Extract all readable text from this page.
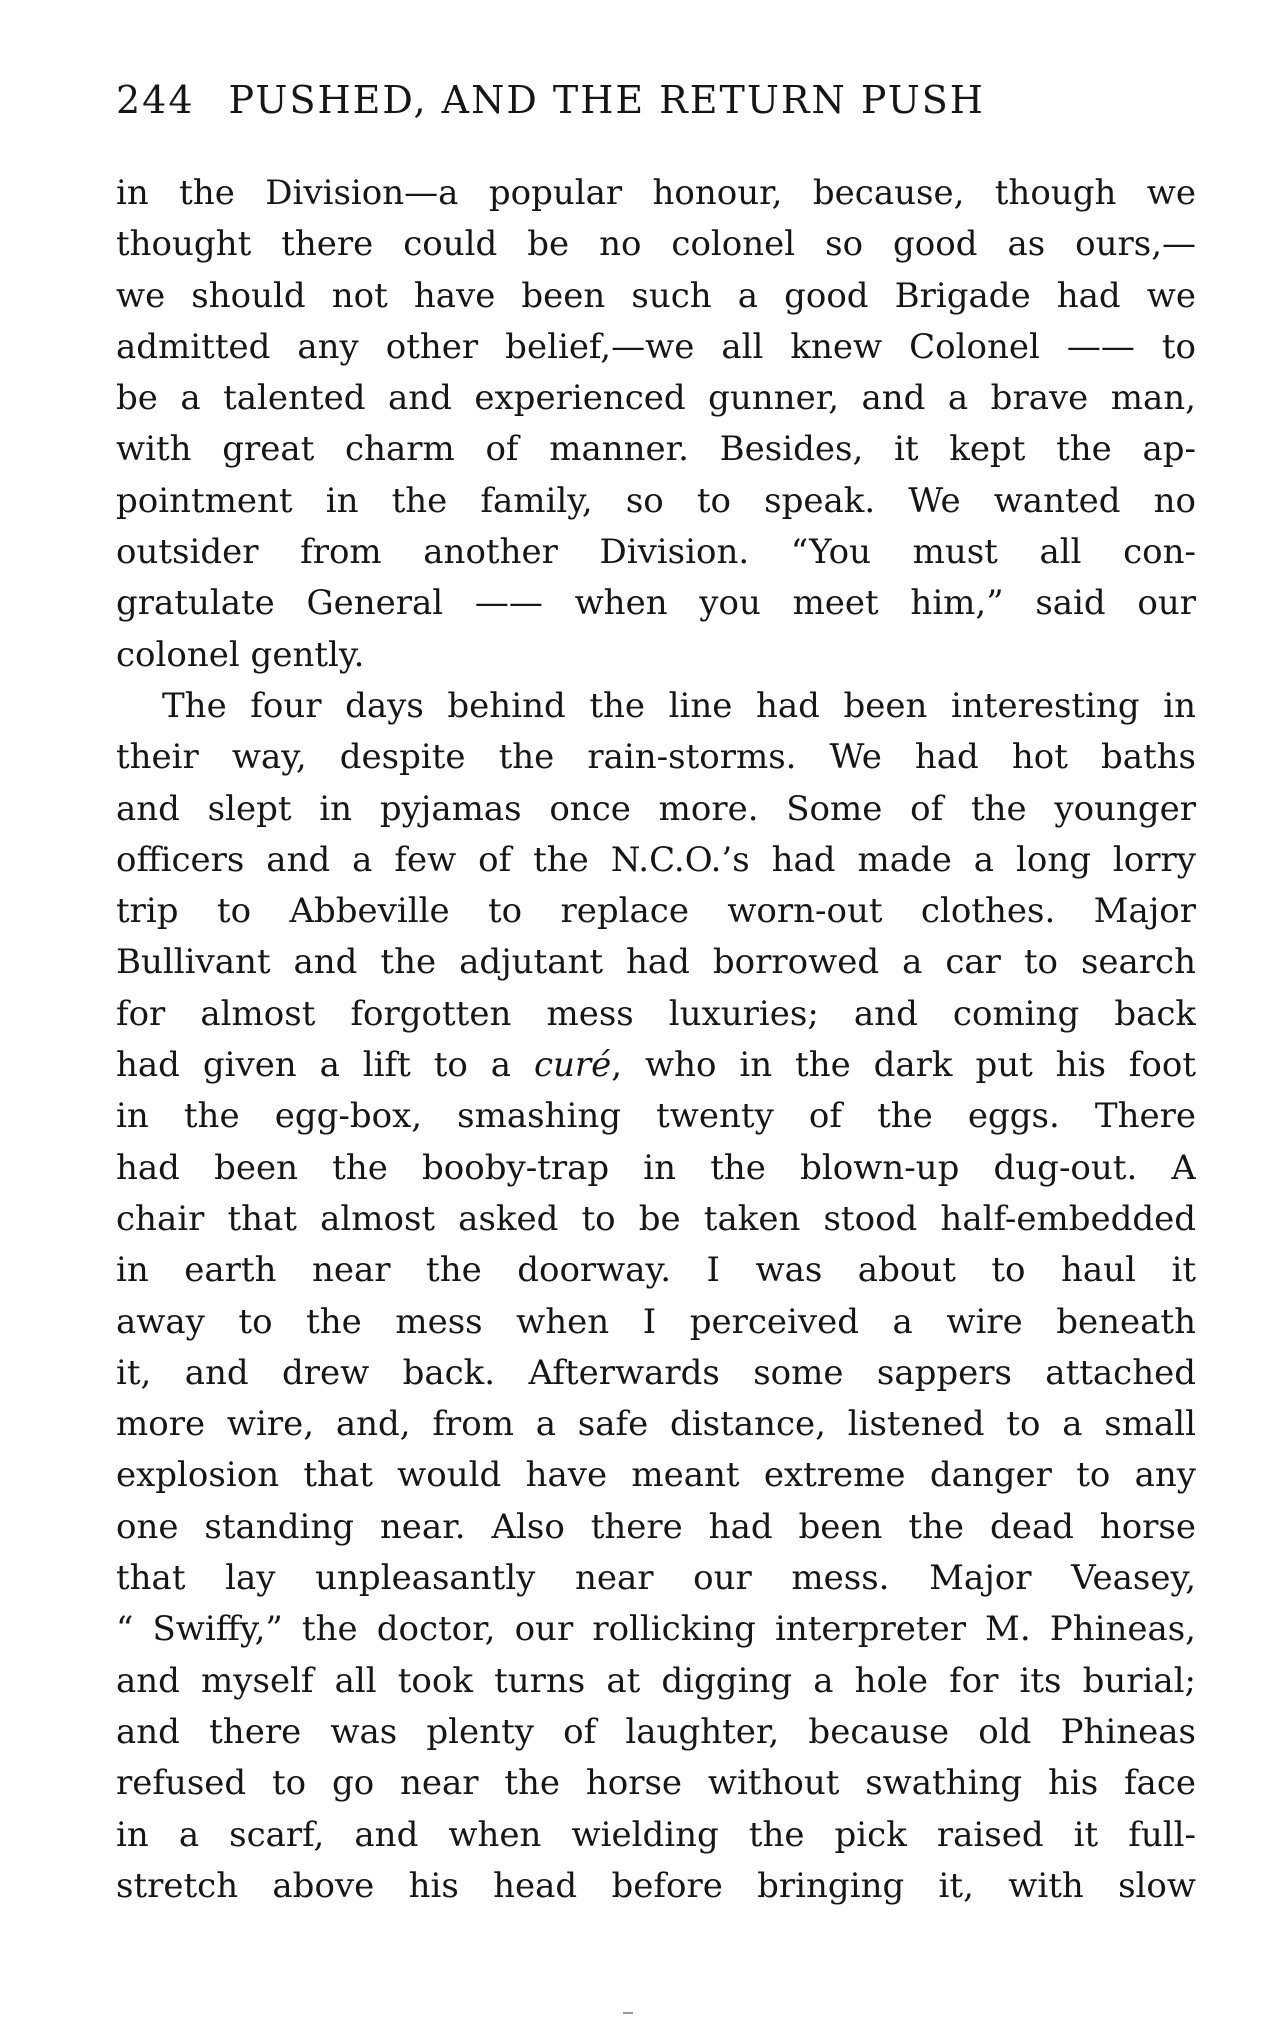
244 PUSHED, AND THE RETURN PUSH
in the Division—a popular honour, because, though we
thought there could be no colonel so good as ours,—
we should not have been such a good Brigade had we
admitted any other belief,—we all knew Colonel —— to
be a talented and experienced gunner, and a brave man,
with great charm of manner. Besides, it kept the ap-
pointment in the family, so to speak. We wanted no
outsider from another Division. “You must all con-
gratulate General —— when you meet him,” said our
colonel gently.
The four days behind the line had been interesting in
their way, despite the rain-storms. We had hot baths
and slept in pyjamas once more. Some of the younger
officers and a few of the N.C.O.’s had made a long lorry
trip to Abbeville to replace worn-out clothes. Major
Bullivant and the adjutant had borrowed a car to search
for almost forgotten mess luxuries; and coming back
had given a lift to a curé, who in the dark put his foot
in the egg-box, smashing twenty of the eggs. There
had been the booby-trap in the blown-up dug-out. A
chair that almost asked to be taken stood half-embedded
in earth near the doorway. I was about to haul it
away to the mess when I perceived a wire beneath
it, and drew back. Afterwards some sappers attached
more wire, and, from a safe distance, listened to a small
explosion that would have meant extreme danger to any
one standing near. Also there had been the dead horse
that lay unpleasantly near our mess. Major Veasey,
“ Swiffy,” the doctor, our rollicking interpreter M. Phineas,
and myself all took turns at digging a hole for its burial;
and there was plenty of laughter, because old Phineas
refused to go near the horse without swathing his face
in a scarf, and when wielding the pick raised it full-
stretch above his head before bringing it, with slow
